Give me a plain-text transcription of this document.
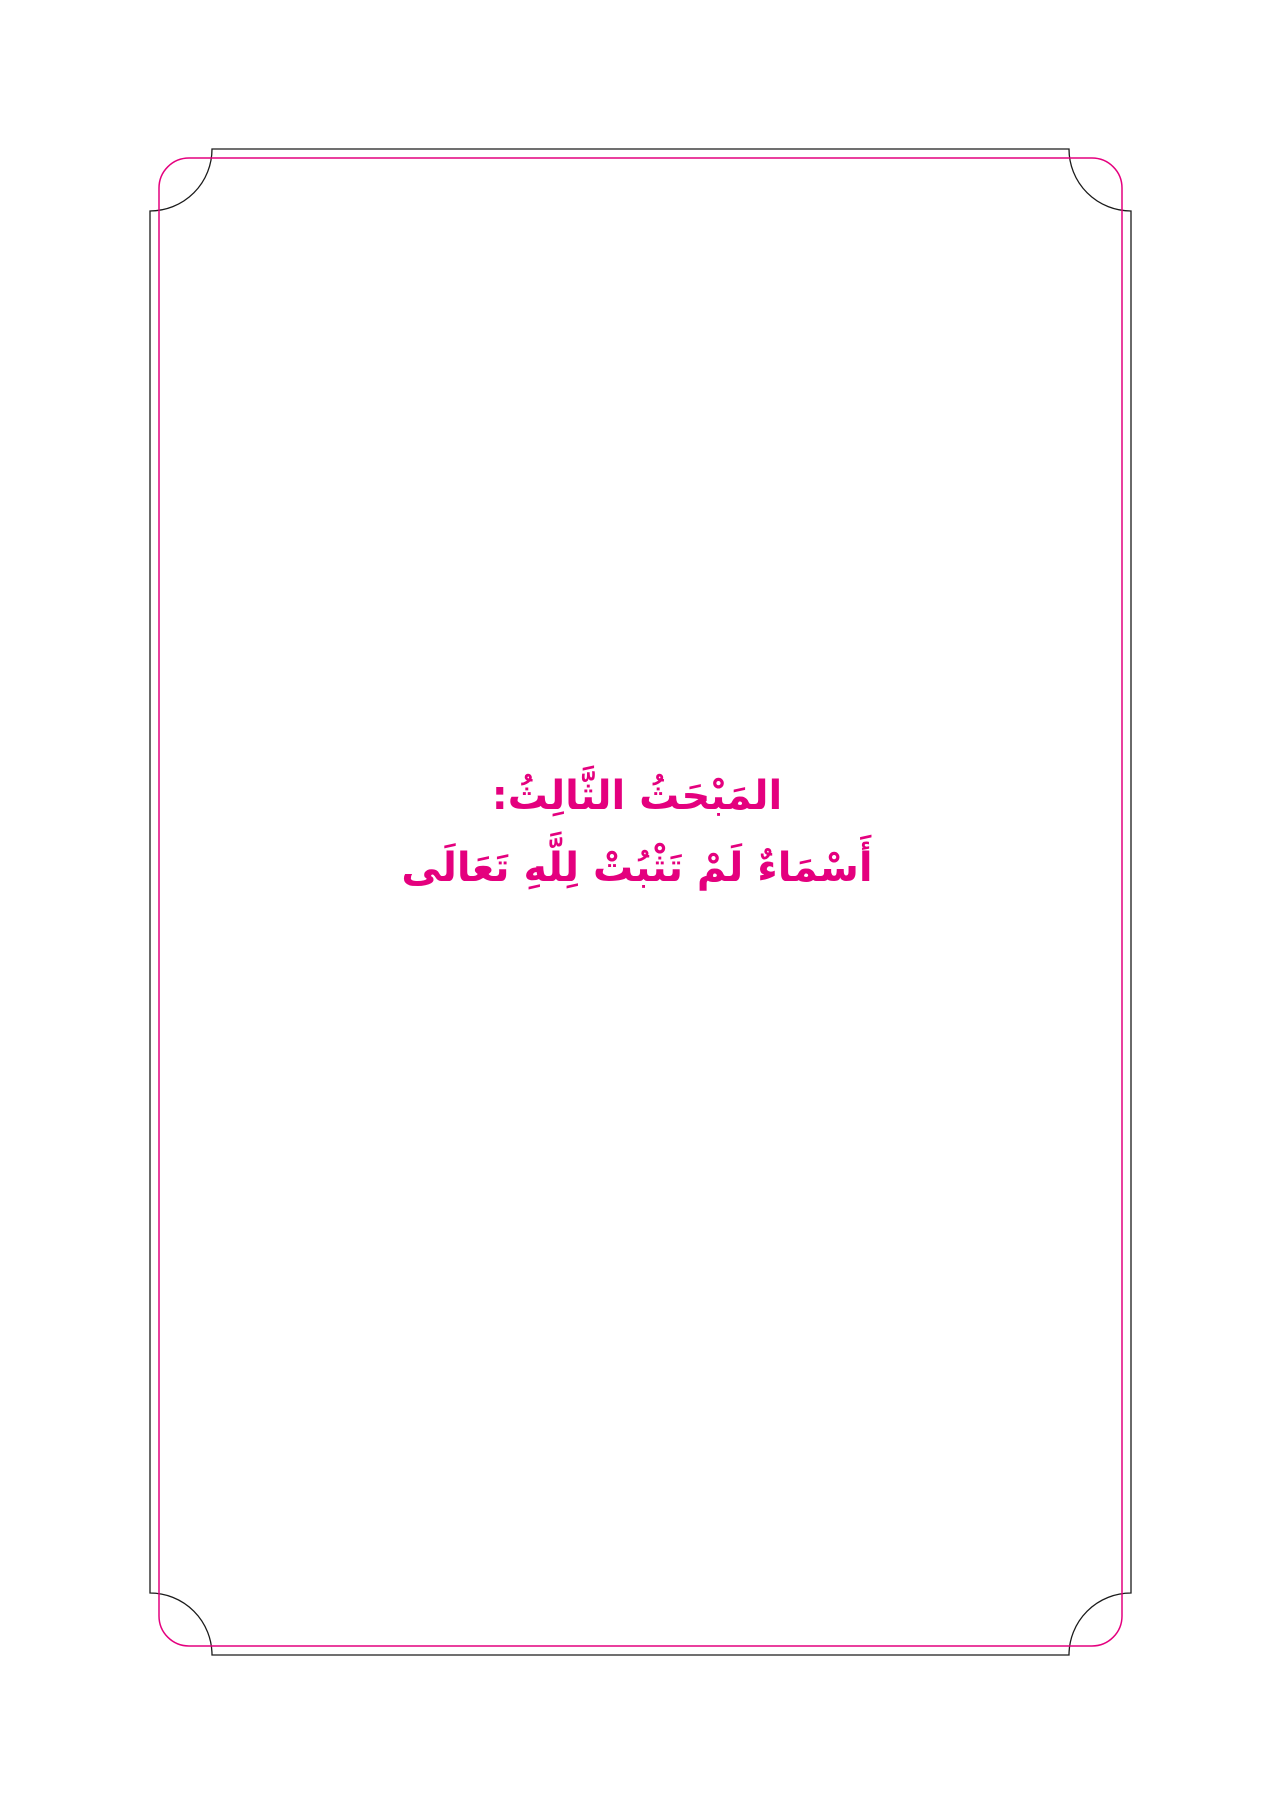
المَبْحَثُ الثَّالِثُ:
أَسْمَاءٌ لَمْ تَثْبُتْ لِلَّهِ تَعَالَى
